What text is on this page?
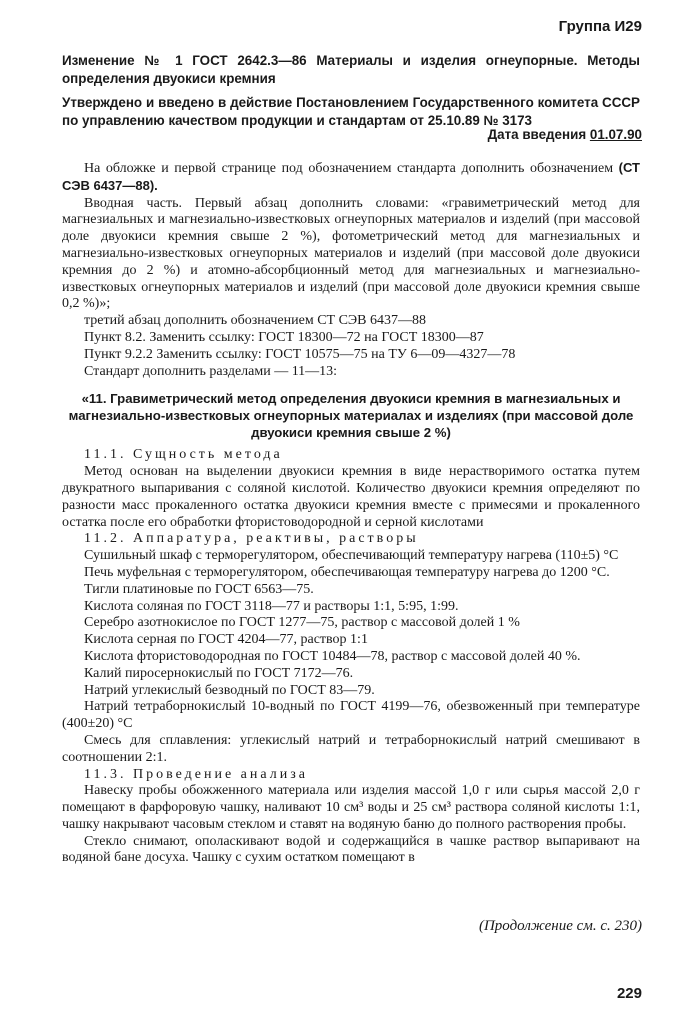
Группа И29
Изменение № 1 ГОСТ 2642.3—86 Материалы и изделия огнеупорные. Методы определения двуокиси кремния
Утверждено и введено в действие Постановлением Государственного комитета СССР по управлению качеством продукции и стандартам от 25.10.89 № 3173
Дата введения 01.07.90

На обложке и первой странице под обозначением стандарта дополнить обозначением (СТ СЭВ 6437—88).

Вводная часть. Первый абзац дополнить словами: «гравиметрический метод для магнезиальных и магнезиально-известковых огнеупорных материалов и изделий (при массовой доле двуокиси кремния свыше 2 %), фотометрический метод для магнезиальных и магнезиально-известковых огнеупорных материалов и изделий (при массовой доле двуокиси кремния до 2 %) и атомно-абсорбционный метод для магнезиальных и магнезиально-известковых огнеупорных материалов и изделий (при массовой доле двуокиси кремния свыше 0,2 %)»;

третий абзац дополнить обозначением СТ СЭВ 6437—88

Пункт 8.2. Заменить ссылку: ГОСТ 18300—72 на ГОСТ 18300—87

Пункт 9.2.2 Заменить ссылку: ГОСТ 10575—75 на ТУ 6—09—4327—78

Стандарт дополнить разделами — 11—13:

«11. Гравиметрический метод определения двуокиси кремния в магнезиальных и магнезиально-известковых огнеупорных материалах и изделиях (при массовой доле двуокиси кремния свыше 2 %)

11.1. Сущность метода

Метод основан на выделении двуокиси кремния в виде нерастворимого остатка путем двукратного выпаривания с соляной кислотой. Количество двуокиси кремния определяют по разности масс прокаленного остатка двуокиси кремния вместе с примесями и прокаленного остатка после его обработки фтористоводородной и серной кислотами

11.2. Аппаратура, реактивы, растворы

Сушильный шкаф с терморегулятором, обеспечивающий температуру нагрева (110±5) °С

Печь муфельная с терморегулятором, обеспечивающая температуру нагрева до 1200 °С.

Тигли платиновые по ГОСТ 6563—75.

Кислота соляная по ГОСТ 3118—77 и растворы 1:1, 5:95, 1:99.

Серебро азотнокислое по ГОСТ 1277—75, раствор с массовой долей 1 %

Кислота серная по ГОСТ 4204—77, раствор 1:1

Кислота фтористоводородная по ГОСТ 10484—78, раствор с массовой долей 40 %.

Калий пиросернокислый по ГОСТ 7172—76.

Натрий углекислый безводный по ГОСТ 83—79.

Натрий тетраборнокислый 10-водный по ГОСТ 4199—76, обезвоженный при температуре (400±20) °С

Смесь для сплавления: углекислый натрий и тетраборнокислый натрий смешивают в соотношении 2:1.

11.3. Проведение анализа

Навеску пробы обожженного материала или изделия массой 1,0 г или сырья массой 2,0 г помещают в фарфоровую чашку, наливают 10 см³ воды и 25 см³ раствора соляной кислоты 1:1, чашку накрывают часовым стеклом и ставят на водяную баню до полного растворения пробы.

Стекло снимают, ополаскивают водой и содержащийся в чашке раствор выпаривают на водяной бане досуха. Чашку с сухим остатком помещают в

(Продолжение см. с. 230)
229
